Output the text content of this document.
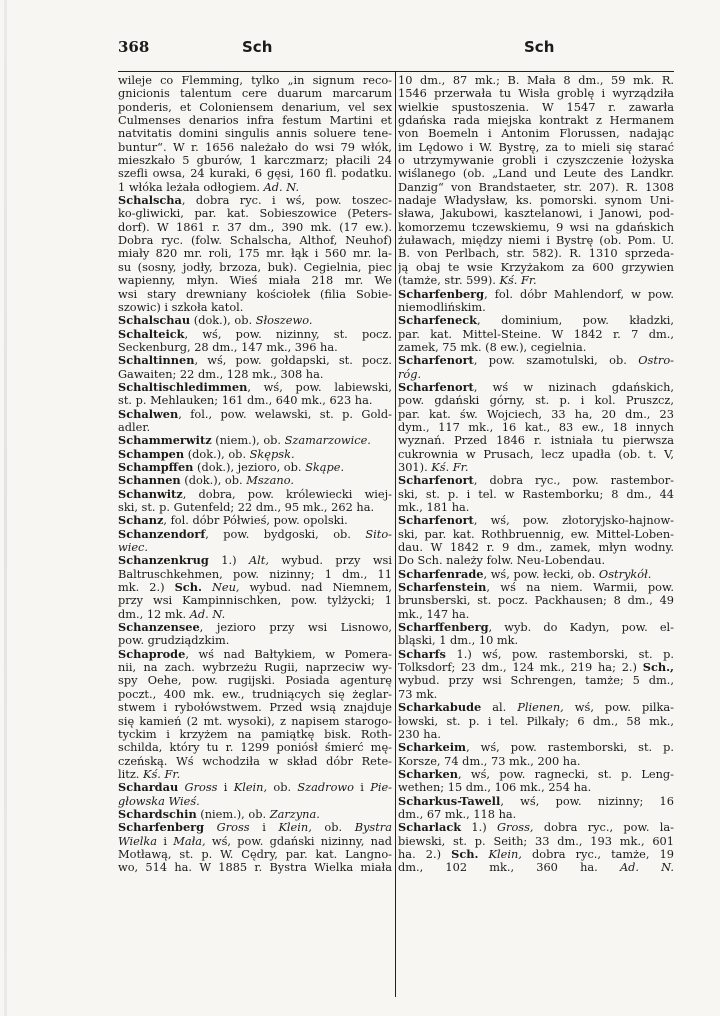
368	Sch	Sch
wileje co Flemming, tylko „in signum reco-
gnicionis talentum cere duarum marcarum
ponderis, et Coloniensem denarium, vel sex
Culmenses denarios infra festum Martini et
natvitatis domini singulis annis soluere tene-
buntur“. W r. 1656 należało do wsi 79 włók,
mieszkało 5 gburów, 1 karczmarz; płacili 24
szefli owsa, 24 kuraki, 6 gęsi, 160 fl. podatku.
1 włóka leżała odłogiem. Ad. N.
Schalscha, dobra ryc. i wś, pow. toszec-
ko-gliwicki, par. kat. Sobieszowice (Peters-
dorf). W 1861 r. 37 dm., 390 mk. (17 ew.).
Dobra ryc. (folw. Schalscha, Althof, Neuhof)
miały 820 mr. roli, 175 mr. łąk i 560 mr. la-
su (sosny, jodły, brzoza, buk). Cegielnia, piec
wapienny, młyn. Wieś miała 218 mr. We
wsi stary drewniany kościołek (filia Sobie-
szowic) i szkoła katol.
Schalschau (dok.), ob. Słoszewo.
Schalteick, wś, pow. nizinny, st. pocz.
Seckenburg, 28 dm., 147 mk., 396 ha.
Schaltinnen, wś, pow. gołdapski, st. pocz.
Gawaiten; 22 dm., 128 mk., 308 ha.
Schaltischledimmen, wś, pow. labiewski,
st. p. Mehlauken; 161 dm., 640 mk., 623 ha.
Schalwen, fol., pow. welawski, st. p. Gold-
adler.
Schammerwitz (niem.), ob. Szamarzowice.
Schampen (dok.), ob. Skępsk.
Schampffen (dok.), jezioro, ob. Skąpe.
Schannen (dok.), ob. Mszano.
Schanwitz, dobra, pow. królewiecki wiej-
ski, st. p. Gutenfeld; 22 dm., 95 mk., 262 ha.
Schanz, fol. dóbr Półwieś, pow. opolski.
Schanzendorf, pow. bydgoski, ob. Sito-
wiec.
Schanzenkrug 1.) Alt, wybud. przy wsi
Baltruschkehmen, pow. nizinny; 1 dm., 11
mk. 2.) Sch. Neu, wybud. nad Niemnem,
przy wsi Kampinnischken, pow. tylżycki; 1
dm., 12 mk. Ad. N.
Schanzensee, jezioro przy wsi Lisnowo,
pow. grudziądzkim.
Schaprode, wś nad Bałtykiem, w Pomera-
nii, na zach. wybrzeżu Rugii, naprzeciw wy-
spy Oehe, pow. rugijski. Posiada agenturę
poczt., 400 mk. ew., trudniących się żeglar-
stwem i rybołówstwem. Przed wsią znajduje
się kamień (2 mt. wysoki), z napisem starogo-
tyckim i krzyżem na pamiątkę bisk. Roth-
schilda, który tu r. 1299 poniósł śmierć mę-
czeńską. Wś wchodziła w skład dóbr Rete-
litz. Kś. Fr.
Schardau Gross i Klein, ob. Szadrowo i Pie-
głowska Wieś.
Schardschin (niem.), ob. Zarzyna.
Scharfenberg Gross i Klein, ob. Bystra
Wielka i Mała, wś, pow. gdański nizinny, nad
Motławą, st. p. W. Cędry, par. kat. Langno-
wo, 514 ha. W 1885 r. Bystra Wielka miała
10 dm., 87 mk.; B. Mała 8 dm., 59 mk. R.
1546 przerwała tu Wisła groblę i wyrządziła
wielkie spustoszenia. W 1547 r. zawarła
gdańska rada miejska kontrakt z Hermanem
von Boemeln i Antonim Florussen, nadając
im Lędowo i W. Bystrę, za to mieli się starać
o utrzymywanie grobli i czyszczenie łożyska
wiślanego (ob. „Land und Leute des Landkr.
Danzig“ von Brandstaeter, str. 207). R. 1308
nadaje Władysław, ks. pomorski. synom Uni-
sława, Jakubowi, kasztelanowi, i Janowi, pod-
komorzemu tczewskiemu, 9 wsi na gdańskich
żuławach, między niemi i Bystrę (ob. Pom. U.
B. von Perlbach, str. 582). R. 1310 sprzeda-
ją obaj te wsie Krzyżakom za 600 grzywien
(tamże, str. 599). Kś. Fr.
Scharfenberg, fol. dóbr Mahlendorf, w pow.
niemodlińskim.
Scharfeneck, dominium, pow. kładzki,
par. kat. Mittel-Steine. W 1842 r. 7 dm.,
zamek, 75 mk. (8 ew.), cegielnia.
Scharfenort, pow. szamotulski, ob. Ostro-
róg.
Scharfenort, wś w nizinach gdańskich,
pow. gdański górny, st. p. i kol. Pruszcz,
par. kat. św. Wojciech, 33 ha, 20 dm., 23
dym., 117 mk., 16 kat., 83 ew., 18 innych
wyznań. Przed 1846 r. istniała tu pierwsza
cukrownia w Prusach, lecz upadła (ob. t. V,
301). Kś. Fr.
Scharfenort, dobra ryc., pow. rastembor-
ski, st. p. i tel. w Rastemborku; 8 dm., 44
mk., 181 ha.
Scharfenort, wś, pow. złotoryjsko-hajnow-
ski, par. kat. Rothbruennig, ew. Mittel-Loben-
dau. W 1842 r. 9 dm., zamek, młyn wodny.
Do Sch. należy folw. Neu-Lobendau.
Scharfenrade, wś, pow. łecki, ob. Ostrykół.
Scharfenstein, wś na niem. Warmii, pow.
brunsberski, st. pocz. Packhausen; 8 dm., 49
mk., 147 ha.
Scharffenberg, wyb. do Kadyn, pow. el-
bląski, 1 dm., 10 mk.
Scharfs 1.) wś, pow. rastemborski, st. p.
Tolksdorf; 23 dm., 124 mk., 219 ha; 2.) Sch.,
wybud. przy wsi Schrengen, tamże; 5 dm.,
73 mk.
Scharkabude al. Plienen, wś, pow. pilka-
łowski, st. p. i tel. Pilkały; 6 dm., 58 mk.,
230 ha.
Scharkeim, wś, pow. rastemborski, st. p.
Korsze, 74 dm., 73 mk., 200 ha.
Scharken, wś, pow. ragnecki, st. p. Leng-
wethen; 15 dm., 106 mk., 254 ha.
Scharkus-Tawell, wś, pow. nizinny; 16
dm., 67 mk., 118 ha.
Scharlack 1.) Gross, dobra ryc., pow. la-
biewski, st. p. Seith; 33 dm., 193 mk., 601
ha. 2.) Sch. Klein, dobra ryc., tamże, 19
dm., 102 mk., 360 ha. Ad. N.
